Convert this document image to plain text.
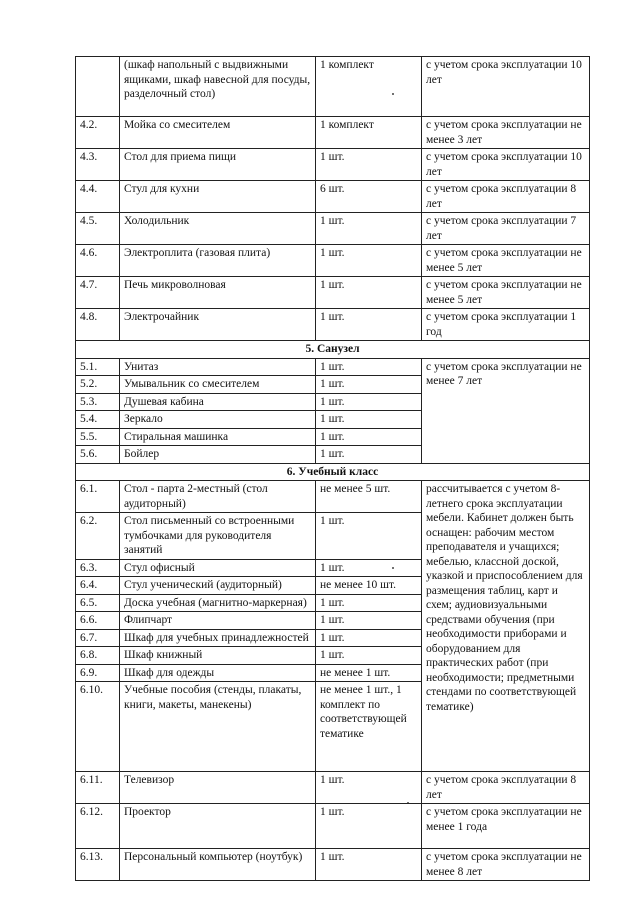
	(шкаф напольный с выдвижными ящиками, шкаф навесной для посуды, разделочный стол)	1 комплект	с учетом срока эксплуатации 10 лет
4.2.	Мойка со смесителем	1 комплект	с учетом срока эксплуатации не менее 3 лет
4.3.	Стол для приема пищи	1 шт.	с учетом срока эксплуатации 10 лет
4.4.	Стул для кухни	6 шт.	с учетом срока эксплуатации 8 лет
4.5.	Холодильник	1 шт.	с учетом срока эксплуатации 7 лет
4.6.	Электроплита (газовая плита)	1 шт.	с учетом срока эксплуатации не менее 5 лет
4.7.	Печь микроволновая	1 шт.	с учетом срока эксплуатации не менее 5 лет
4.8.	Электрочайник	1 шт.	с учетом срока эксплуатации 1 год
5. Санузел			
5.1.	Унитаз	1 шт.	с учетом срока эксплуатации не менее 7 лет
5.2.	Умывальник со смесителем	1 шт.	
5.3.	Душевая кабина	1 шт.	
5.4.	Зеркало	1 шт.	
5.5.	Стиральная машинка	1 шт.	
5.6.	Бойлер	1 шт.	
6. Учебный класс			
6.1.	Стол - парта 2-местный (стол аудиторный)	не менее 5 шт.	рассчитывается с учетом 8-летнего срока эксплуатации мебели. Кабинет должен быть оснащен: рабочим местом преподавателя и учащихся; мебелью, классной доской, указкой и приспособлением для размещения таблиц, карт и схем; аудиовизуальными средствами обучения (при необходимости приборами и оборудованием для практических работ (при необходимости; предметными стендами по соответствующей тематике)
6.2.	Стол письменный со встроенными тумбочками для руководителя занятий	1 шт.	
6.3.	Стул офисный	1 шт.	
6.4.	Стул ученический (аудиторный)	не менее 10 шт.	
6.5.	Доска учебная (магнитно-маркерная)	1 шт.	
6.6.	Флипчарт	1 шт.	
6.7.	Шкаф для учебных принадлежностей	1 шт.	
6.8.	Шкаф книжный	1 шт.	
6.9.	Шкаф для одежды	не менее 1 шт.	
6.10.	Учебные пособия (стенды, плакаты, книги, макеты, манекены)	не менее 1 шт., 1 комплект по соответствующей тематике	
6.11.	Телевизор	1 шт.	с учетом срока эксплуатации 8 лет
6.12.	Проектор	1 шт.	с учетом срока эксплуатации не менее 1 года
6.13.	Персональный компьютер (ноутбук)	1 шт.	с учетом срока эксплуатации не менее 8 лет
